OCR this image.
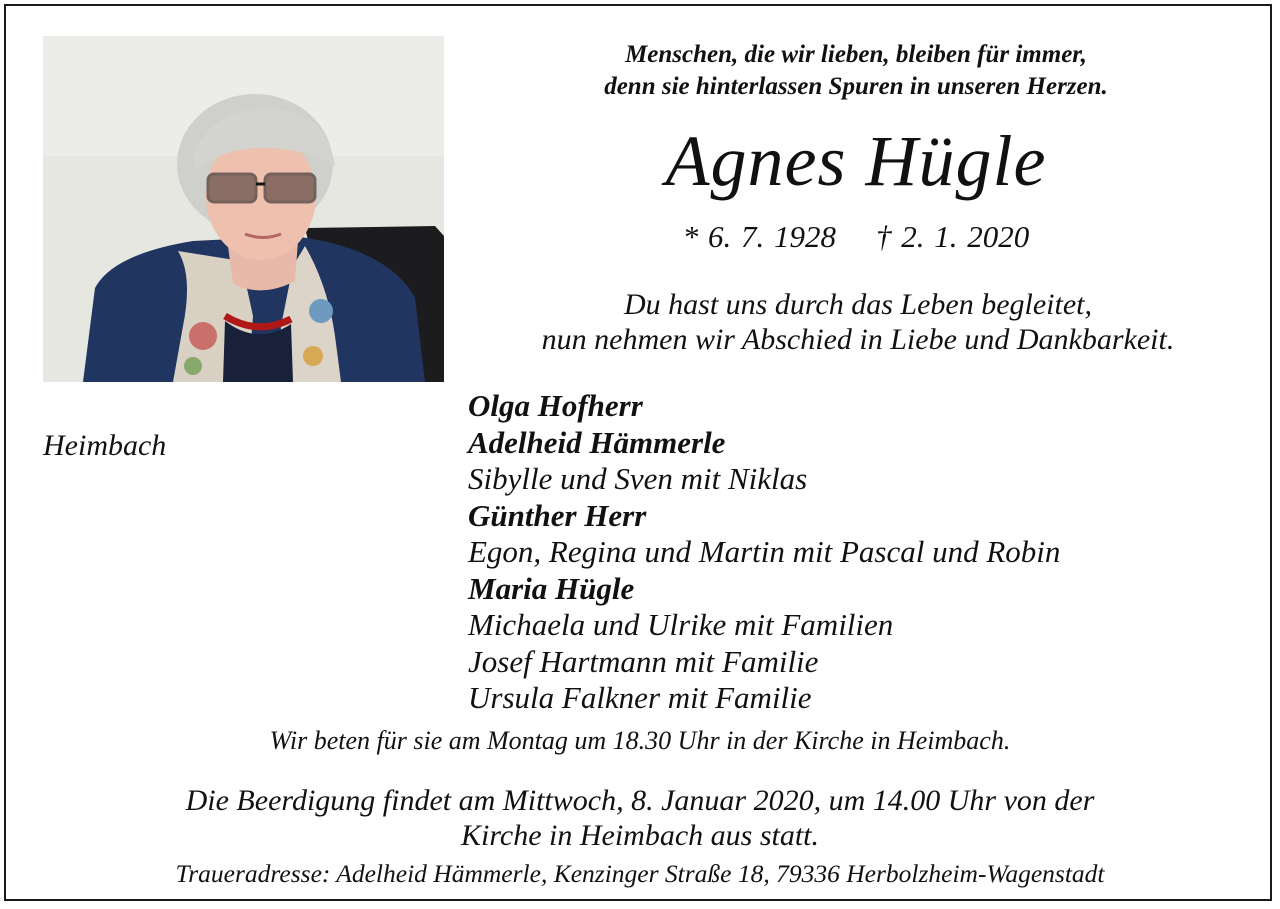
Heimbach
Menschen, die wir lieben, bleiben für immer,
denn sie hinterlassen Spuren in unseren Herzen.
Agnes Hügle
* 6. 7. 1928 † 2. 1. 2020
Du hast uns durch das Leben begleitet,
nun nehmen wir Abschied in Liebe und Dankbarkeit.
Olga Hofherr
Adelheid Hämmerle
Sibylle und Sven mit Niklas
Günther Herr
Egon, Regina und Martin mit Pascal und Robin
Maria Hügle
Michaela und Ulrike mit Familien
Josef Hartmann mit Familie
Ursula Falkner mit Familie
Wir beten für sie am Montag um 18.30 Uhr in der Kirche in Heimbach.
Die Beerdigung findet am Mittwoch, 8. Januar 2020, um 14.00 Uhr von der
Kirche in Heimbach aus statt.
Traueradresse: Adelheid Hämmerle, Kenzinger Straße 18, 79336 Herbolzheim-Wagenstadt
